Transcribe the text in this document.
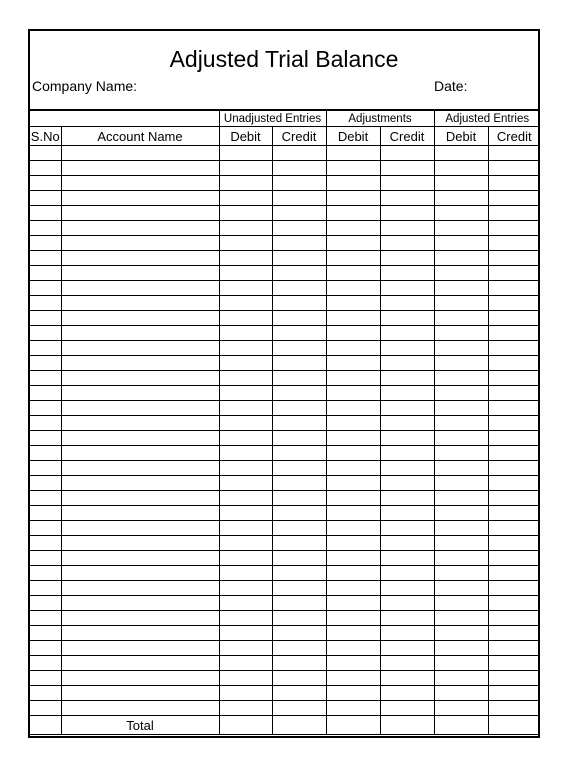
Adjusted Trial Balance
Company Name:	Date:
		Unadjusted Entries		Adjustments		Adjusted Entries	
S.No	Account Name	Debit	Credit	Debit	Credit	Debit	Credit

	Total						
